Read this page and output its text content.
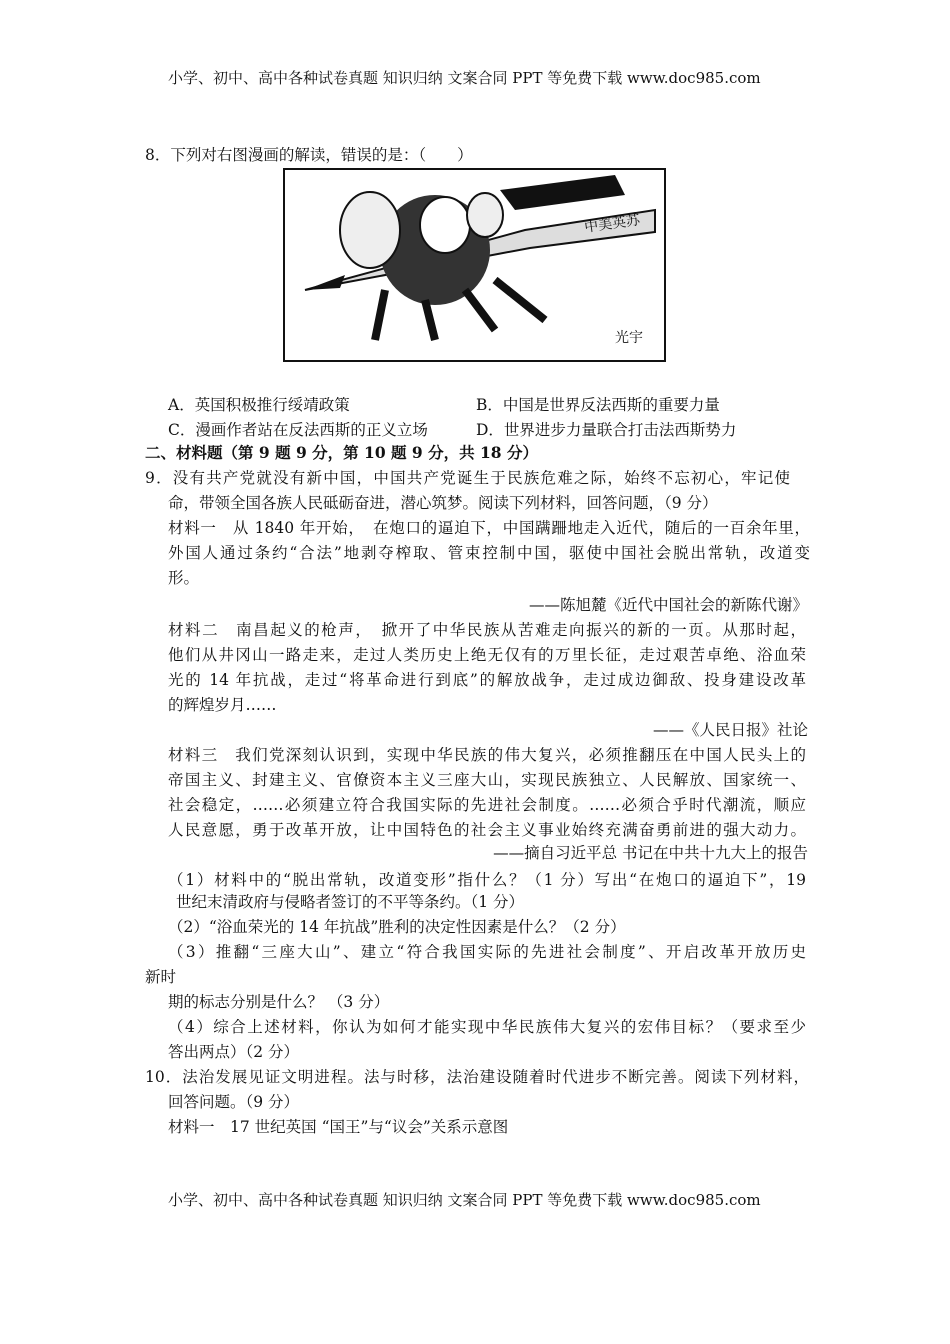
小学、初中、高中各种试卷真题 知识归纳 文案合同 PPT 等免费下载 www.doc985.com
8．下列对右图漫画的解读，错误的是：（　　）
中美英苏
光宇
A．英国积极推行绥靖政策	B．中国是世界反法西斯的重要力量
C．漫画作者站在反法西斯的正义立场	D．世界进步力量联合打击法西斯势力
二、材料题（第 9 题 9 分，第 10 题 9 分，共 18 分）
9．没有共产党就没有新中国，中国共产党诞生于民族危难之际，始终不忘初心，牢记使
命，带领全国各族人民砥砺奋进，潜心筑梦。阅读下列材料，回答问题，（9 分）
材料一　从 1840 年开始，　在炮口的逼迫下，中国蹒跚地走入近代，随后的一百余年里，
外国人通过条约“合法”地剥夺榨取、管束控制中国，驱使中国社会脱出常轨，改道变
形。
——陈旭麓《近代中国社会的新陈代谢》
材料二　南昌起义的枪声，　掀开了中华民族从苦难走向振兴的新的一页。从那时起，
他们从井冈山一路走来，走过人类历史上绝无仅有的万里长征，走过艰苦卓绝、浴血荣
光的 14 年抗战，走过“将革命进行到底”的解放战争，走过成边御敌、投身建设改革
的辉煌岁月……
——《人民日报》社论
材料三　我们党深刻认识到，实现中华民族的伟大复兴，必须推翻压在中国人民头上的
帝国主义、封建主义、官僚资本主义三座大山，实现民族独立、人民解放、国家统一、
社会稳定，……必须建立符合我国实际的先进社会制度。……必须合乎时代潮流，顺应
人民意愿，勇于改革开放，让中国特色的社会主义事业始终充满奋勇前进的强大动力。
——摘自习近平总 书记在中共十九大上的报告
（1）材料中的“脱出常轨，改道变形”指什么？（1 分）写出“在炮口的逼迫下”，19
世纪末清政府与侵略者签订的不平等条约。（1 分）
（2）“浴血荣光的 14 年抗战”胜利的决定性因素是什么？（2 分）
（3）推翻“三座大山”、建立“符合我国实际的先进社会制度”、开启改革开放历史
新时
期的标志分别是什么？ （3 分）
（4）综合上述材料，你认为如何才能实现中华民族伟大复兴的宏伟目标？（要求至少
答出两点）（2 分）
10．法治发展见证文明进程。法与时移，法治建设随着时代进步不断完善。阅读下列材料，
回答问题。（9 分）
材料一　17 世纪英国 “国王”与“议会”关系示意图
小学、初中、高中各种试卷真题 知识归纳 文案合同 PPT 等免费下载 www.doc985.com
